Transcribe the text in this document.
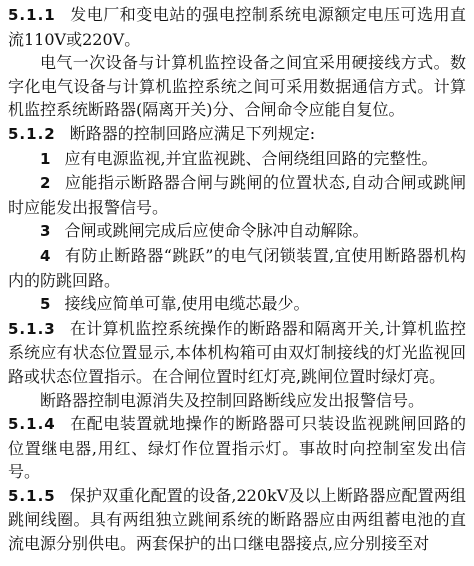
5.1.1 发电厂和变电站的强电控制系统电源额定电压可选用直流110V或220V。

电气一次设备与计算机监控设备之间宜采用硬接线方式。数字化电气设备与计算机监控系统之间可采用数据通信方式。计算机监控系统断路器(隔离开关)分、合闸命令应能自复位。

5.1.2 断路器的控制回路应满足下列规定:

1 应有电源监视,并宜监视跳、合闸绕组回路的完整性。

2 应能指示断路器合闸与跳闸的位置状态,自动合闸或跳闸时应能发出报警信号。

3 合闸或跳闸完成后应使命令脉冲自动解除。

4 有防止断路器“跳跃”的电气闭锁装置,宜使用断路器机构内的防跳回路。

5 接线应简单可靠,使用电缆芯最少。

5.1.3 在计算机监控系统操作的断路器和隔离开关,计算机监控系统应有状态位置显示,本体机构箱可由双灯制接线的灯光监视回路或状态位置指示。在合闸位置时红灯亮,跳闸位置时绿灯亮。

断路器控制电源消失及控制回路断线应发出报警信号。

5.1.4 在配电装置就地操作的断路器可只装设监视跳闸回路的位置继电器,用红、绿灯作位置指示灯。事故时向控制室发出信号。

5.1.5 保护双重化配置的设备,220kV及以上断路器应配置两组跳闸线圈。具有两组独立跳闸系统的断路器应由两组蓄电池的直流电源分别供电。两套保护的出口继电器接点,应分别接至对
